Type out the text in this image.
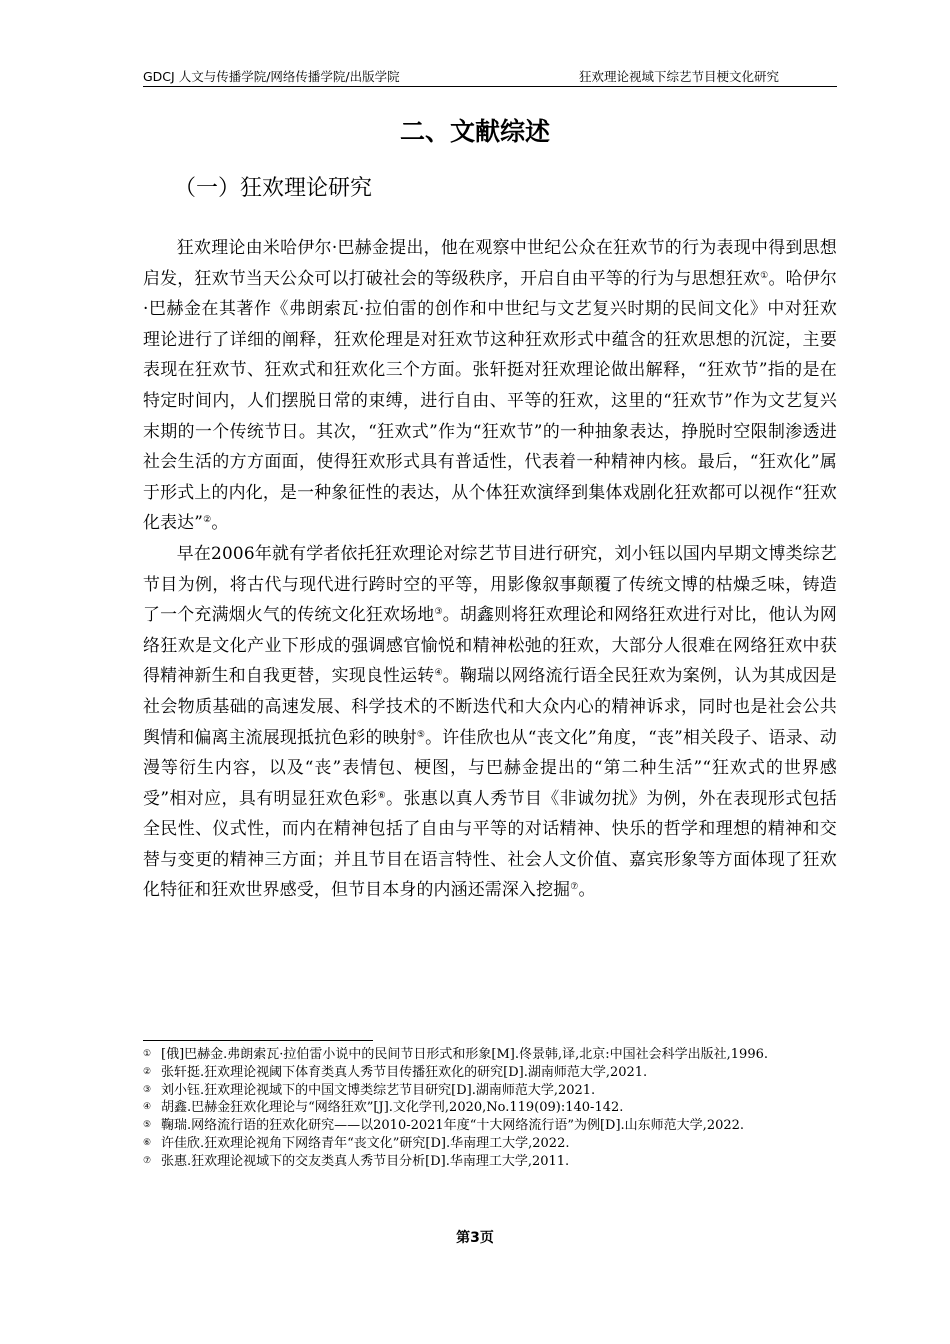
GDCJ 人文与传播学院/网络传播学院/出版学院	狂欢理论视域下综艺节目梗文化研究
二、文献综述
（一）狂欢理论研究

狂欢理论由米哈伊尔·巴赫金提出，他在观察中世纪公众在狂欢节的行为表现中得到思想启发，狂欢节当天公众可以打破社会的等级秩序，开启自由平等的行为与思想狂欢①。哈伊尔·巴赫金在其著作《弗朗索瓦·拉伯雷的创作和中世纪与文艺复兴时期的民间文化》中对狂欢理论进行了详细的阐释，狂欢伦理是对狂欢节这种狂欢形式中蕴含的狂欢思想的沉淀，主要表现在狂欢节、狂欢式和狂欢化三个方面。张轩挺对狂欢理论做出解释，“狂欢节”指的是在特定时间内，人们摆脱日常的束缚，进行自由、平等的狂欢，这里的“狂欢节”作为文艺复兴末期的一个传统节日。其次，“狂欢式”作为“狂欢节”的一种抽象表达，挣脱时空限制渗透进社会生活的方方面面，使得狂欢形式具有普适性，代表着一种精神内核。最后，“狂欢化”属于形式上的内化，是一种象征性的表达，从个体狂欢演绎到集体戏剧化狂欢都可以视作“狂欢化表达”②。

早在2006年就有学者依托狂欢理论对综艺节目进行研究，刘小钰以国内早期文博类综艺节目为例，将古代与现代进行跨时空的平等，用影像叙事颠覆了传统文博的枯燥乏味，铸造了一个充满烟火气的传统文化狂欢场地③。胡鑫则将狂欢理论和网络狂欢进行对比，他认为网络狂欢是文化产业下形成的强调感官愉悦和精神松弛的狂欢，大部分人很难在网络狂欢中获得精神新生和自我更替，实现良性运转④。鞠瑞以网络流行语全民狂欢为案例，认为其成因是社会物质基础的高速发展、科学技术的不断迭代和大众内心的精神诉求，同时也是社会公共舆情和偏离主流展现抵抗色彩的映射⑤。许佳欣也从“丧文化”角度，“丧”相关段子、语录、动漫等衍生内容，以及“丧”表情包、梗图，与巴赫金提出的“第二种生活”“狂欢式的世界感受”相对应，具有明显狂欢色彩⑥。张惠以真人秀节目《非诚勿扰》为例，外在表现形式包括全民性、仪式性，而内在精神包括了自由与平等的对话精神、快乐的哲学和理想的精神和交替与变更的精神三方面；并且节目在语言特性、社会人文价值、嘉宾形象等方面体现了狂欢化特征和狂欢世界感受，但节目本身的内涵还需深入挖掘⑦。

① [俄]巴赫金.弗朗索瓦·拉伯雷小说中的民间节日形式和形象[M].佟景韩,译,北京:中国社会科学出版社,1996.
② 张轩挺.狂欢理论视阈下体育类真人秀节目传播狂欢化的研究[D].湖南师范大学,2021.
③ 刘小钰.狂欢理论视域下的中国文博类综艺节目研究[D].湖南师范大学,2021.
④ 胡鑫.巴赫金狂欢化理论与“网络狂欢”[J].文化学刊,2020,No.119(09):140-142.
⑤ 鞠瑞.网络流行语的狂欢化研究——以2010-2021年度“十大网络流行语”为例[D].山东师范大学,2022.
⑥ 许佳欣.狂欢理论视角下网络青年“丧文化”研究[D].华南理工大学,2022.
⑦ 张惠.狂欢理论视域下的交友类真人秀节目分析[D].华南理工大学,2011.
第3页
